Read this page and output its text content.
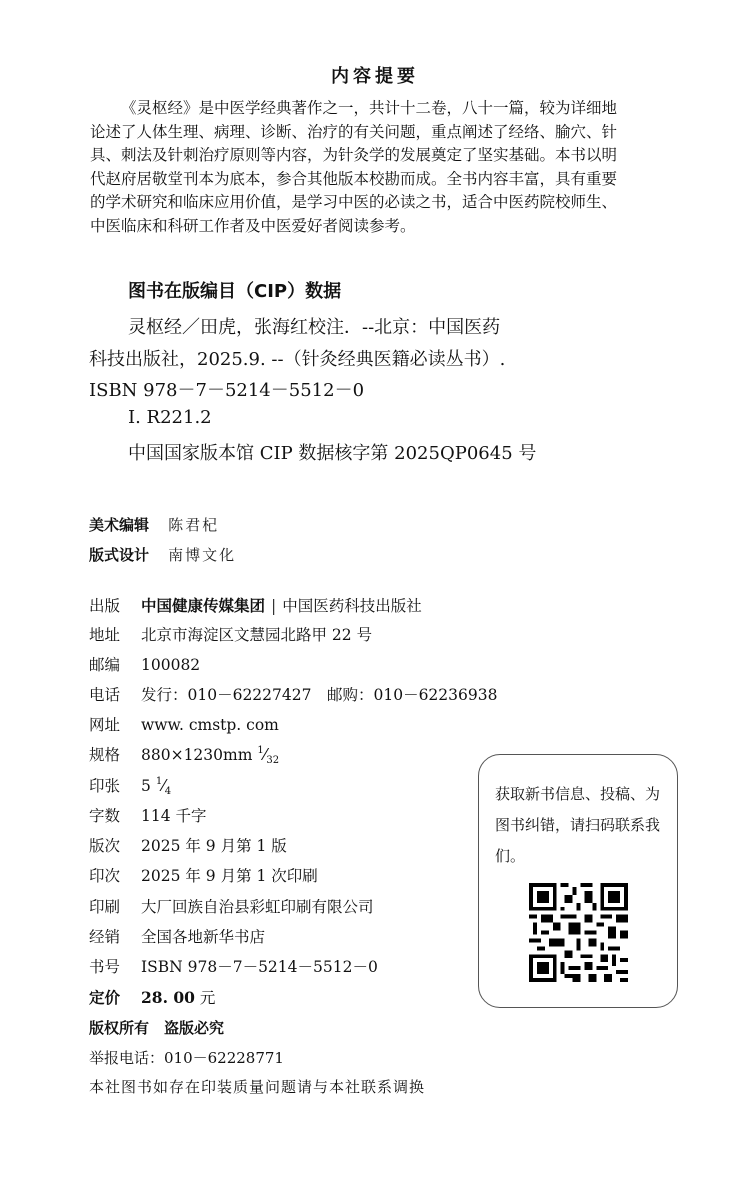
内容提要
《灵枢经》是中医学经典著作之一，共计十二卷，八十一篇，较为详细地
论述了人体生理、病理、诊断、治疗的有关问题，重点阐述了经络、腧穴、针
具、刺法及针刺治疗原则等内容，为针灸学的发展奠定了坚实基础。本书以明
代赵府居敬堂刊本为底本，参合其他版本校勘而成。全书内容丰富，具有重要
的学术研究和临床应用价值，是学习中医的必读之书，适合中医药院校师生、
中医临床和科研工作者及中医爱好者阅读参考。
图书在版编目（CIP）数据
灵枢经／田虎，张海红校注．--北京：中国医药
科技出版社，2025.9. --（针灸经典医籍必读丛书）.
ISBN 978－7－5214－5512－0
Ⅰ. R221.2
中国国家版本馆 CIP 数据核字第 2025QP0645 号
美术编辑 陈君杞
版式设计 南博文化
出版 中国健康传媒集团 | 中国医药科技出版社
地址 北京市海淀区文慧园北路甲 22 号
邮编 100082
电话 发行：010－62227427　邮购：010－62236938
网址 www. cmstp. com
规格 880×1230mm $^1⁄_{32}$
印张 5 $^1⁄_4$
字数 114 千字
版次 2025 年 9 月第 1 版
印次 2025 年 9 月第 1 次印刷
印刷 大厂回族自治县彩虹印刷有限公司
经销 全国各地新华书店
书号 ISBN 978－7－5214－5512－0
定价 28. 00 元
获取新书信息、投稿、为图书纠错，请扫码联系我们。
版权所有　盗版必究
举报电话：010－62228771
本社图书如存在印装质量问题请与本社联系调换
